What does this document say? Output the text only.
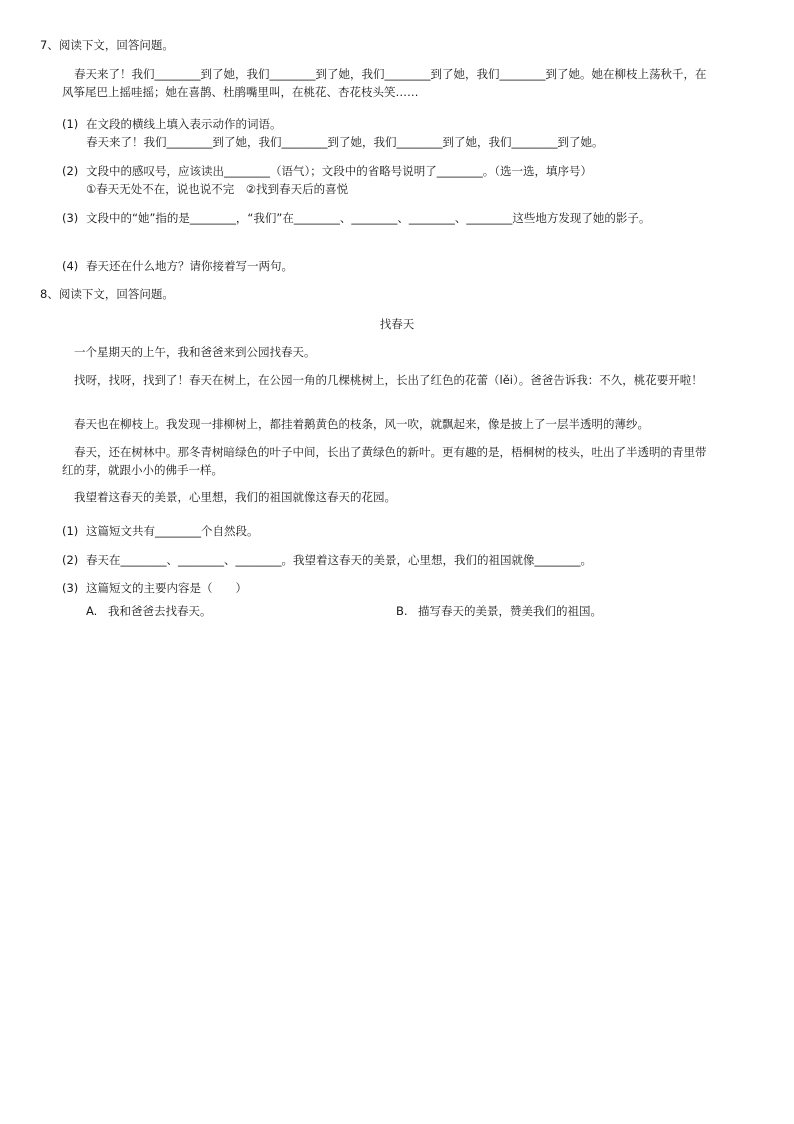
7、阅读下文，回答问题。
春天来了！我们________到了她，我们________到了她，我们________到了她，我们________到了她。她在柳枝上荡秋千，在风筝尾巴上摇哇摇；她在喜鹊、杜鹃嘴里叫，在桃花、杏花枝头笑……
(1) 在文段的横线上填入表示动作的词语。
春天来了！我们________到了她，我们________到了她，我们________到了她，我们________到了她。
(2) 文段中的感叹号，应该读出________（语气）；文段中的省略号说明了________。（选一选，填序号）
①春天无处不在，说也说不完　②找到春天后的喜悦
(3) 文段中的“她”指的是________，“我们”在________、________、________、________这些地方发现了她的影子。
(4) 春天还在什么地方？请你接着写一两句。
8、阅读下文，回答问题。
找春天
一个星期天的上午，我和爸爸来到公园找春天。
找呀，找呀，找到了！春天在树上，在公园一角的几棵桃树上，长出了红色的花蕾（lěi）。爸爸告诉我：不久，桃花要开啦！
春天也在柳枝上。我发现一排柳树上，都挂着鹅黄色的枝条，风一吹，就飘起来，像是披上了一层半透明的薄纱。
春天，还在树林中。那冬青树暗绿色的叶子中间，长出了黄绿色的新叶。更有趣的是，梧桐树的枝头，吐出了半透明的青里带红的芽，就跟小小的佛手一样。
我望着这春天的美景，心里想，我们的祖国就像这春天的花园。
(1) 这篇短文共有________个自然段。
(2) 春天在________、________、________。我望着这春天的美景，心里想，我们的祖国就像________。
(3) 这篇短文的主要内容是（　　）
A. 我和爸爸去找春天。	B. 描写春天的美景，赞美我们的祖国。
